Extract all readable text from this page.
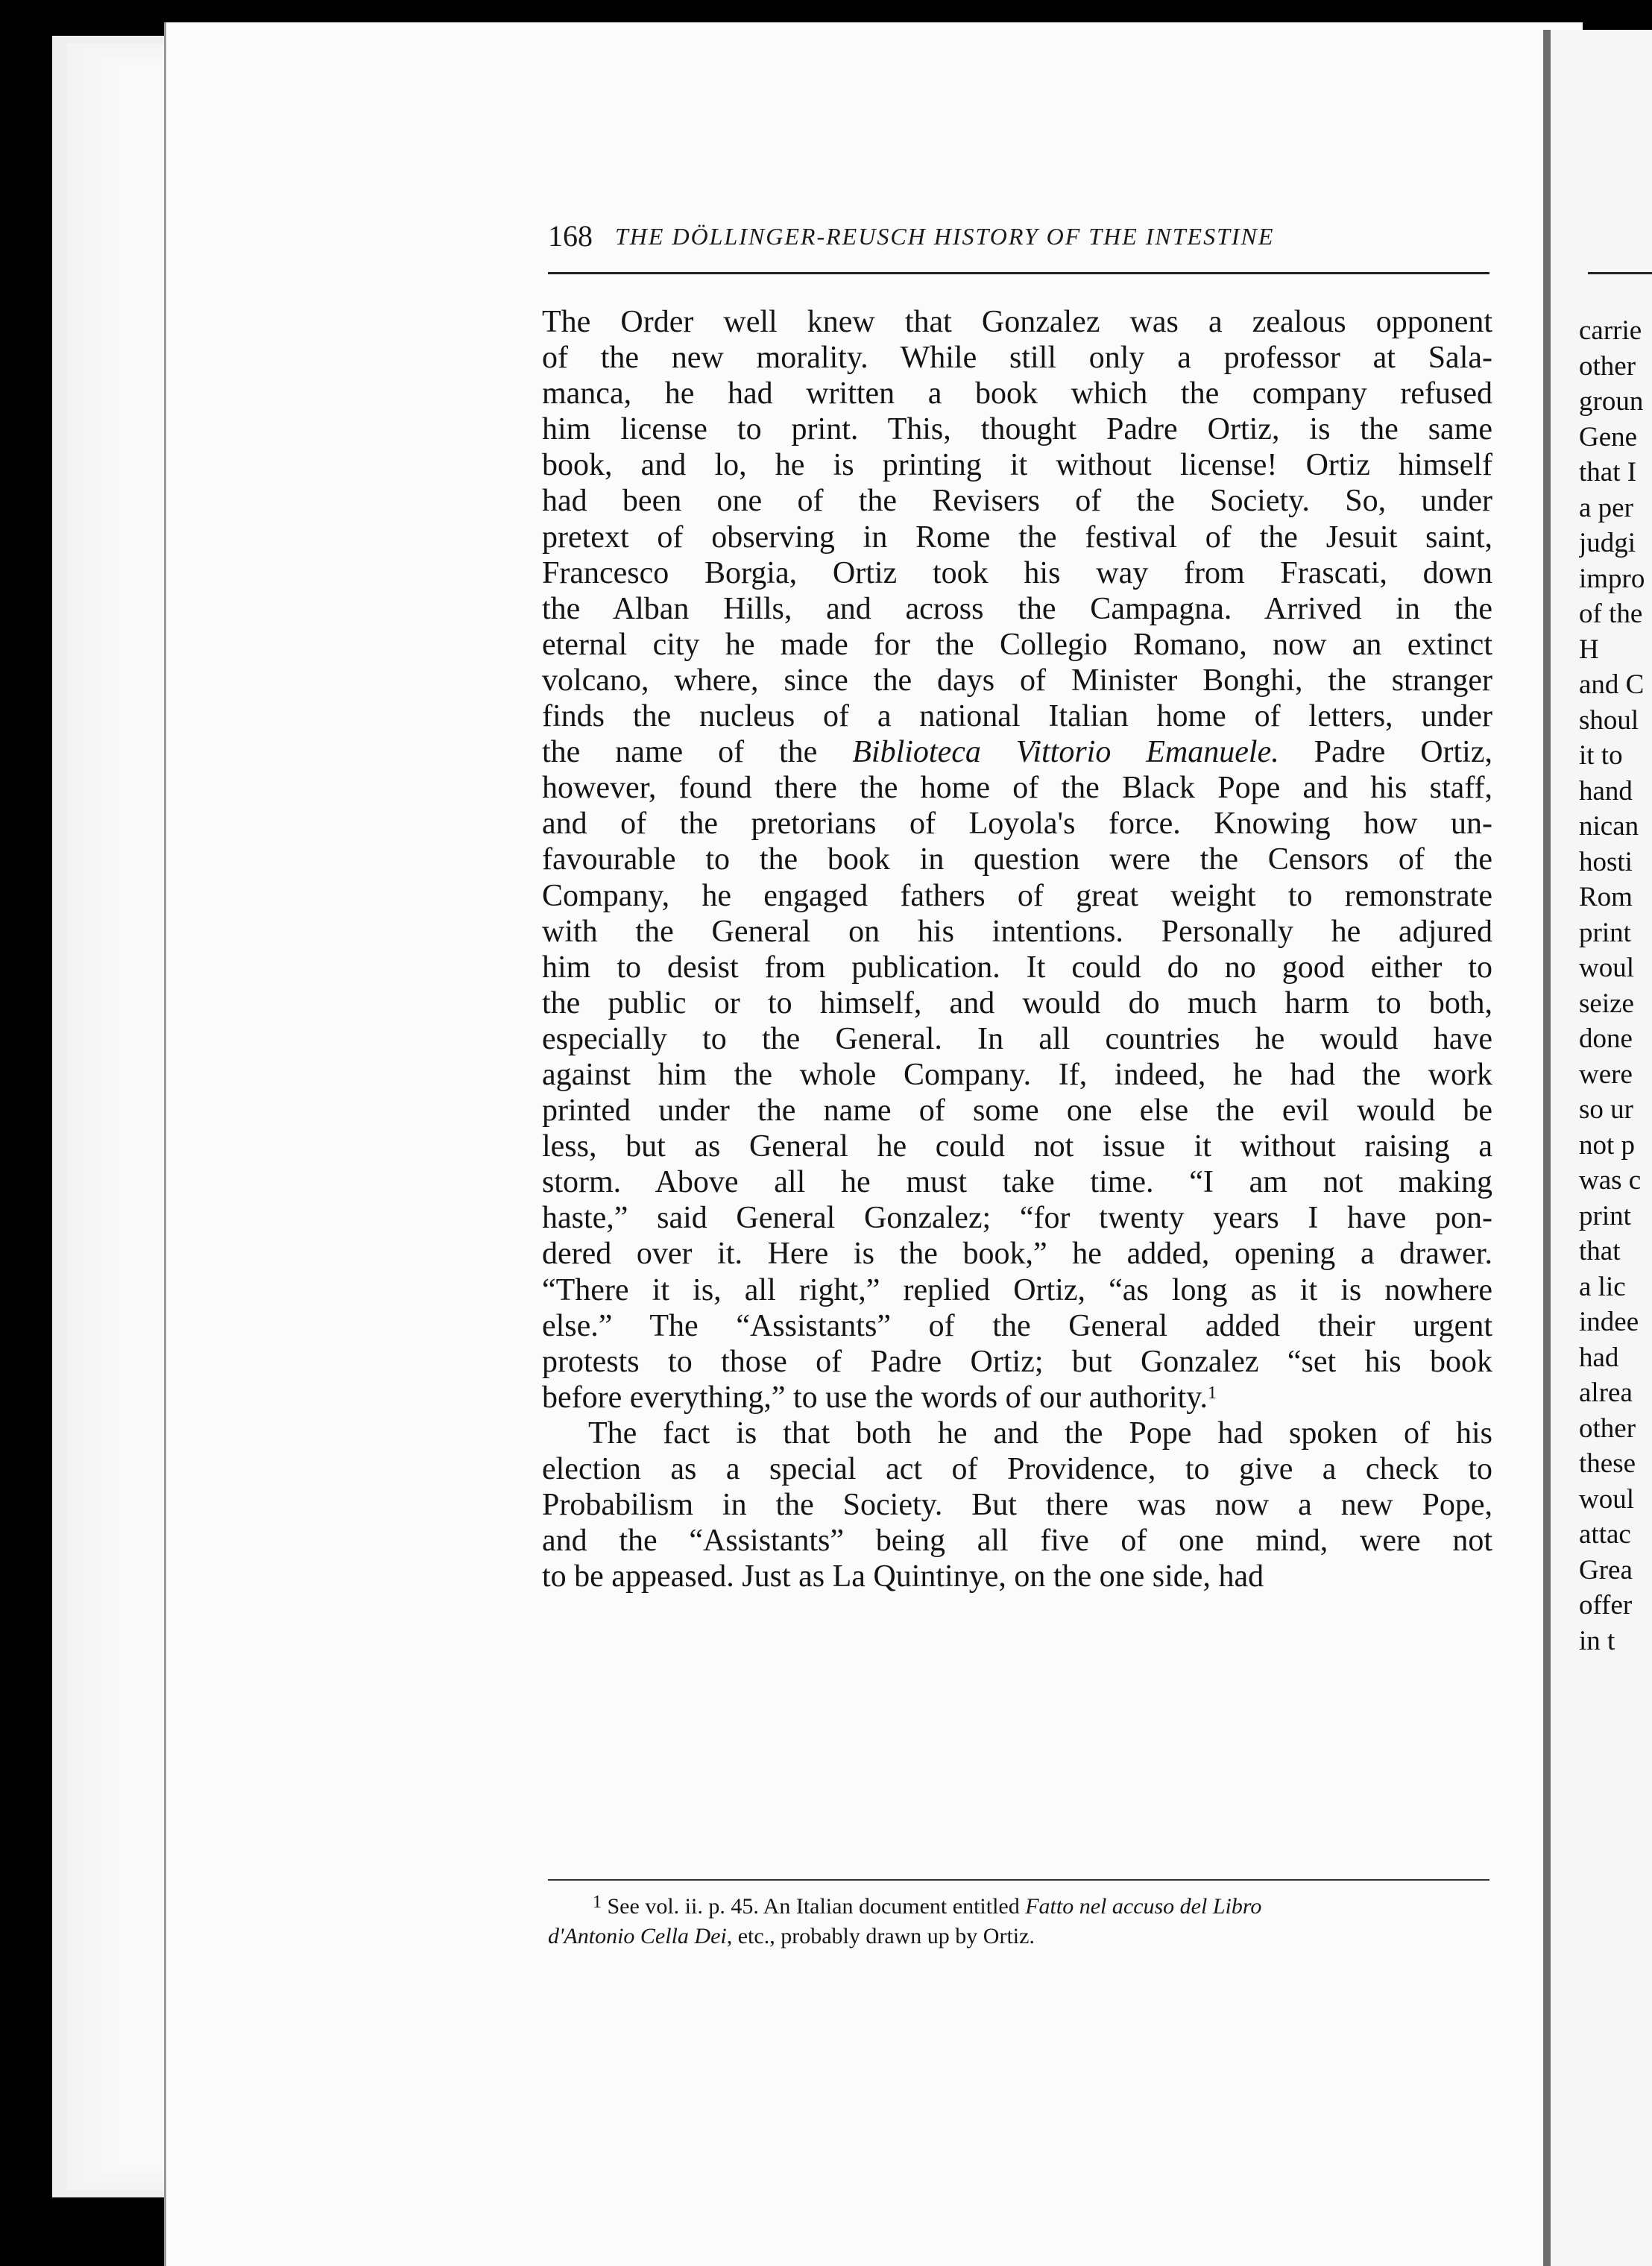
carrie
other
groun
Gene
that I
a per
judgi
impro
of the
H
and C
shoul
it to
hand
nican
hosti
Rom
print
woul
seize
done
were
so ur
not p
was c
print
that
a lic
indee
had
alrea
other
these
woul
attac
Grea
offer
in t
168 THE DÖLLINGER-REUSCH HISTORY OF THE INTESTINE
The Order well knew that Gonzalez was a zealous opponent
of the new morality. While still only a professor at Sala-
manca, he had written a book which the company refused
him license to print. This, thought Padre Ortiz, is the same
book, and lo, he is printing it without license! Ortiz himself
had been one of the Revisers of the Society. So, under
pretext of observing in Rome the festival of the Jesuit saint,
Francesco Borgia, Ortiz took his way from Frascati, down
the Alban Hills, and across the Campagna. Arrived in the
eternal city he made for the Collegio Romano, now an extinct
volcano, where, since the days of Minister Bonghi, the stranger
finds the nucleus of a national Italian home of letters, under
the name of the Biblioteca Vittorio Emanuele. Padre Ortiz,
however, found there the home of the Black Pope and his staff,
and of the pretorians of Loyola's force. Knowing how un-
favourable to the book in question were the Censors of the
Company, he engaged fathers of great weight to remonstrate
with the General on his intentions. Personally he adjured
him to desist from publication. It could do no good either to
the public or to himself, and would do much harm to both,
especially to the General. In all countries he would have
against him the whole Company. If, indeed, he had the work
printed under the name of some one else the evil would be
less, but as General he could not issue it without raising a
storm. Above all he must take time. “I am not making
haste,” said General Gonzalez; “for twenty years I have pon-
dered over it. Here is the book,” he added, opening a drawer.
“There it is, all right,” replied Ortiz, “as long as it is nowhere
else.” The “Assistants” of the General added their urgent
protests to those of Padre Ortiz; but Gonzalez “set his book
before everything,” to use the words of our authority.$^1$
The fact is that both he and the Pope had spoken of his
election as a special act of Providence, to give a check to
Probabilism in the Society. But there was now a new Pope,
and the “Assistants” being all five of one mind, were not
to be appeased. Just as La Quintinye, on the one side, had
$^1$ See vol. ii. p. 45. An Italian document entitled Fatto nel accuso del Libro
d'Antonio Cella Dei, etc., probably drawn up by Ortiz.
